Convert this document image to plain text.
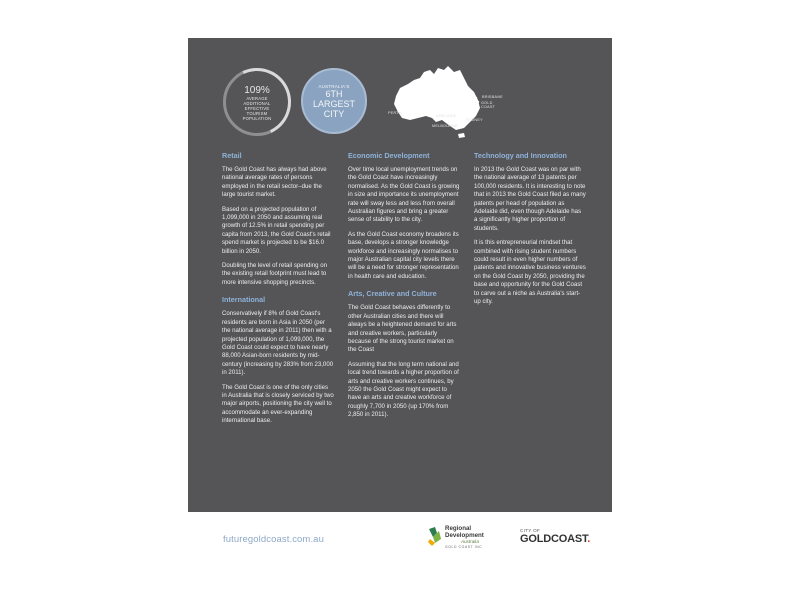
109%
AVERAGE
ADDITIONAL
EFFECTIVE
TOURISM
POPULATION
AUSTRALIA'S
6TH
LARGEST
CITY
BRISBANE
GOLD COAST
PERTH
ADELAIDE
SYDNEY
MELBOURNE
Retail

The Gold Coast has always had above national average rates of persons employed in the retail sector–due the large tourist market.

Based on a projected population of 1,099,000 in 2050 and assuming real growth of 12.5% in retail spending per capita from 2013, the Gold Coast's retail spend market is projected to be $16.0 billion in 2050.

Doubling the level of retail spending on the existing retail footprint must lead to more intensive shopping precincts.

International

Conservatively if 8% of Gold Coast's residents are born in Asia in 2050 (per the national average in 2011) then with a projected population of 1,099,000, the Gold Coast could expect to have nearly 88,000 Asian-born residents by mid-century (increasing by 283% from 23,000 in 2011).

The Gold Coast is one of the only cities in Australia that is closely serviced by two major airports, positioning the city well to accommodate an ever-expanding international base.

Economic Development

Over time local unemployment trends on the Gold Coast have increasingly normalised. As the Gold Coast is growing in size and importance its unemployment rate will sway less and less from overall Australian figures and bring a greater sense of stability to the city.

As the Gold Coast economy broadens its base, develops a stronger knowledge workforce and increasingly normalises to major Australian capital city levels there will be a need for stronger representation in health care and education.

Arts, Creative and Culture

The Gold Coast behaves differently to other Australian cities and there will always be a heightened demand for arts and creative workers, particularly because of the strong tourist market on the Coast

Assuming that the long term national and local trend towards a higher proportion of arts and creative workers continues, by 2050 the Gold Coast might expect to have an arts and creative workforce of roughly 7,700 in 2050 (up 170% from 2,850 in 2011).

Technology and Innovation

In 2013 the Gold Coast was on par with the national average of 13 patents per 100,000 residents. It is interesting to note that in 2013 the Gold Coast filed as many patents per head of population as Adelaide did, even though Adelaide has a significantly higher proportion of students.

It is this entrepreneurial mindset that combined with rising student numbers could result in even higher numbers of patents and innovative business ventures on the Gold Coast by 2050, providing the base and opportunity for the Gold Coast to carve out a niche as Australia's start-up city.

futuregoldcoast.com.au
Regional
Development
Australia
GOLD COAST INC
CITY OF
GOLDCOAST.
